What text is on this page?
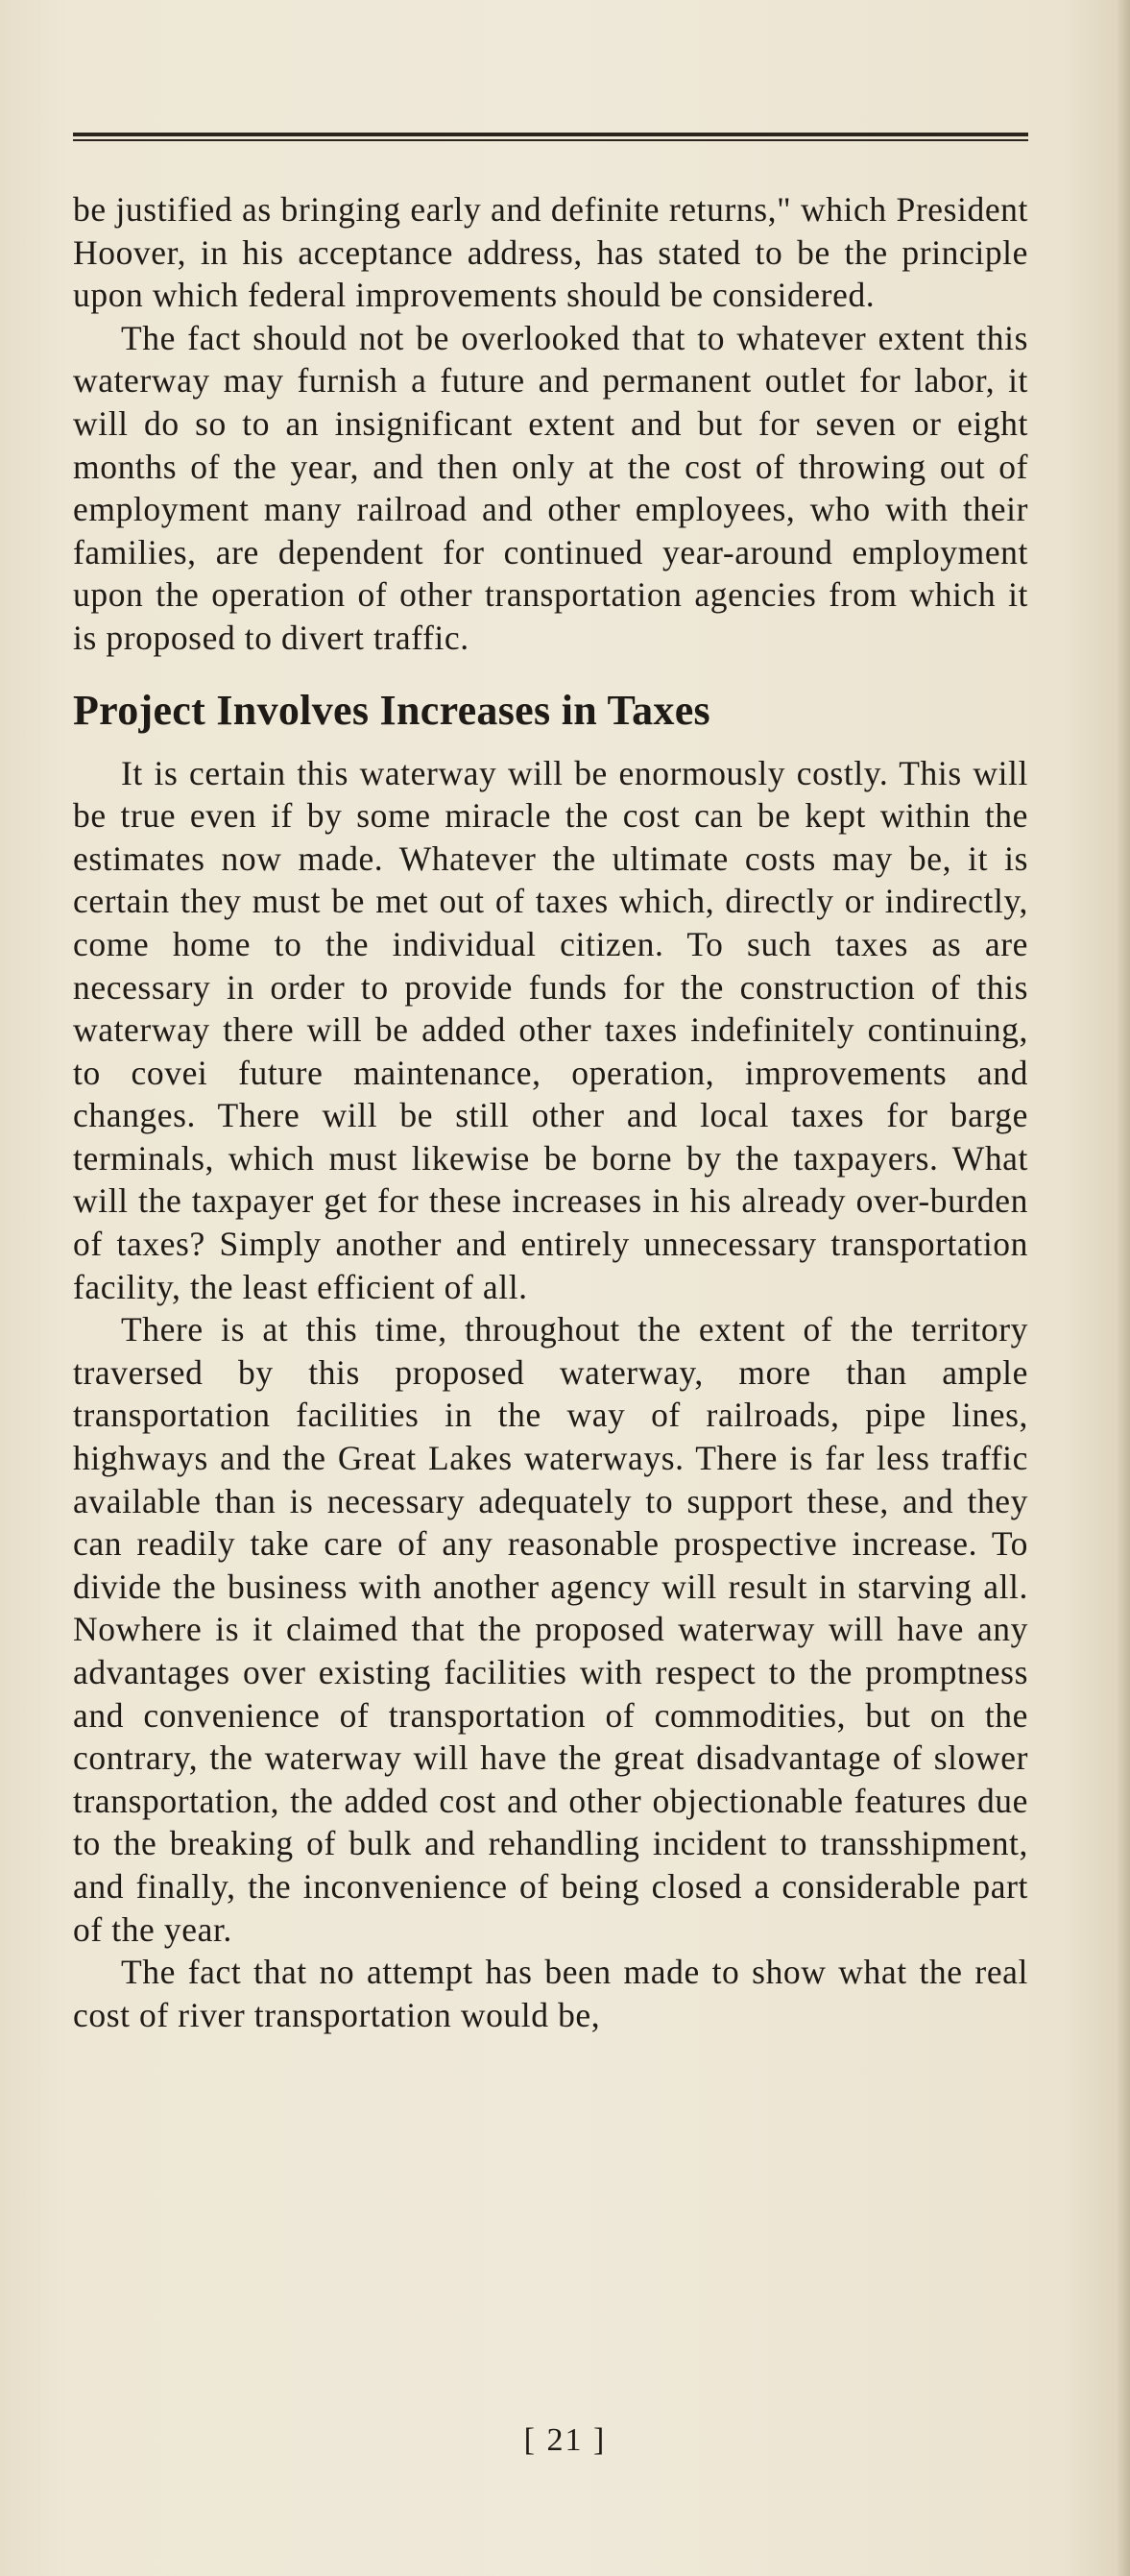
be justified as bringing early and definite returns," which President Hoover, in his acceptance address, has stated to be the principle upon which federal improvements should be considered.

The fact should not be overlooked that to whatever extent this waterway may furnish a future and permanent outlet for labor, it will do so to an insignificant extent and but for seven or eight months of the year, and then only at the cost of throwing out of employment many railroad and other employees, who with their families, are dependent for continued year-around employment upon the operation of other transportation agencies from which it is proposed to divert traffic.

Project Involves Increases in Taxes

It is certain this waterway will be enormously costly. This will be true even if by some miracle the cost can be kept within the estimates now made. Whatever the ultimate costs may be, it is certain they must be met out of taxes which, directly or indirectly, come home to the individual citizen. To such taxes as are necessary in order to provide funds for the construction of this waterway there will be added other taxes indefinitely continuing, to covei future maintenance, operation, improvements and changes. There will be still other and local taxes for barge terminals, which must likewise be borne by the taxpayers. What will the taxpayer get for these increases in his already over-burden of taxes? Simply another and entirely unnecessary transportation facility, the least efficient of all.

There is at this time, throughout the extent of the territory traversed by this proposed waterway, more than ample transportation facilities in the way of railroads, pipe lines, highways and the Great Lakes waterways. There is far less traffic available than is necessary adequately to support these, and they can readily take care of any reasonable prospective increase. To divide the business with another agency will result in starving all. Nowhere is it claimed that the proposed waterway will have any advantages over existing facilities with respect to the promptness and convenience of transportation of commodities, but on the contrary, the waterway will have the great disadvantage of slower transportation, the added cost and other objectionable features due to the breaking of bulk and rehandling incident to transshipment, and finally, the inconvenience of being closed a considerable part of the year.

The fact that no attempt has been made to show what the real cost of river transportation would be,

[ 21 ]
